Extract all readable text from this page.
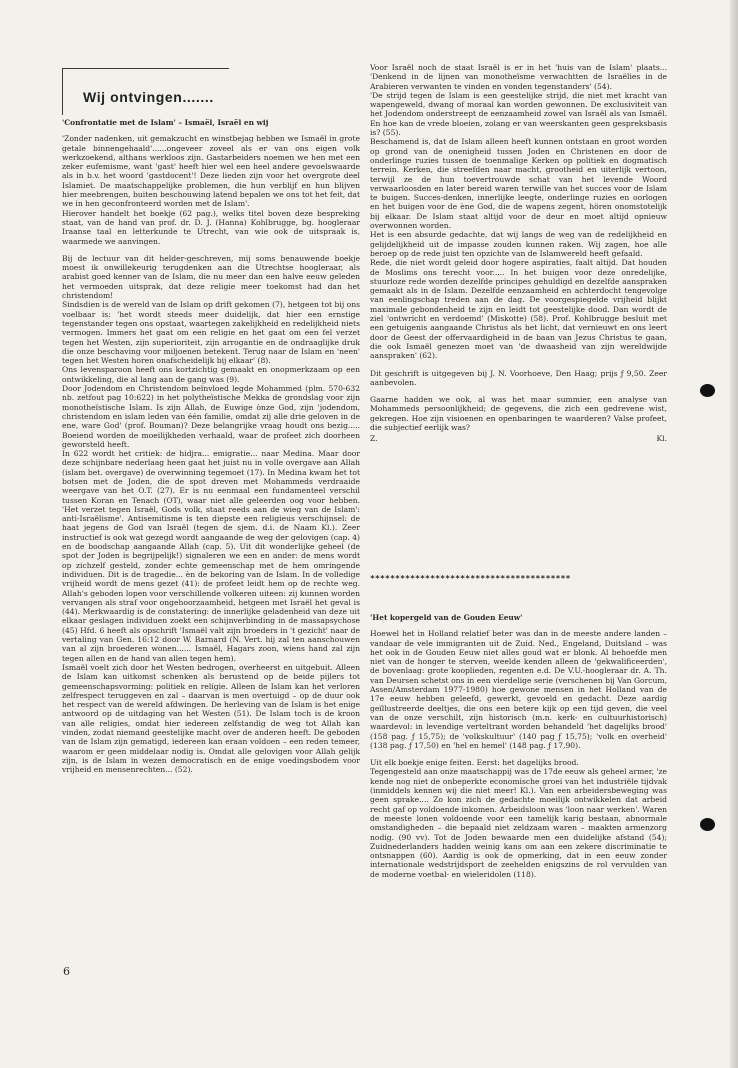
Wij ontvingen.......

'Confrontatie met de Islam' – Ismaël, Israël en wij

'Zonder nadenken, uit gemakzucht en winstbejag hebben we Ismaël in grote getale binnengehaald'......ongeveer zoveel als er van ons eigen volk werkzoekend, althans werkloos zijn. Gastarbeiders noemen we hen met een zeker eufemisme, want 'gast' heeft hier wel een heel andere gevoelswaarde als in b.v. het woord 'gastdocent'! Deze lieden zijn voor het overgrote deel Islamiet. De maatschappelijke problemen, die hun verblijf en hun blijven hier meebrengen, buiten beschouwing latend bepalen we ons tot het feit, dat we in hen geconfronteerd worden met de Islam'.

Hierover handelt het boekje (62 pag.), welks titel boven deze bespreking staat, van de hand van prof. dr. D. J. (Hanna) Kohlbrugge, bg. hoogleraar Iraanse taal en letterkunde te Utrecht, van wie ook de uitspraak is, waarmede we aanvingen.

Bij de lectuur van dit helder-geschreven, mij soms benauwende boekje moest ik onwillekeurig terugdenken aan die Utrechtse hoogleraar, als arabist goed kenner van de Islam, die nu meer dan een halve eeuw geleden het vermoeden uitsprak, dat deze religie meer toekomst had dan het christendom!

Sindsdien is de wereld van de Islam op drift gekomen (7), hetgeen tot bij ons voelbaar is: 'het wordt steeds meer duidelijk, dat hier een ernstige tegenstander tegen ons opstaat, waartegen zakelijkheid en redelijkheid niets vermogen. Immers het gaat om een religie en het gaat om een fel verzet tegen het Westen, zijn superioriteit, zijn arrogantie en de ondraaglijke druk die onze beschaving voor miljoenen betekent. Terug naar de Islam en 'neen' tegen het Westen horen onafscheidelijk bij elkaar' (8).

Ons levensparoon heeft ons kortzichtig gemaakt en onopmerkzaam op een ontwikkeling, die al lang aan de gang was (9).

Door Jodendom en Christendom beïnvloed legde Mohammed (plm. 570-632 nb. zetfout pag 10:622) in het polytheïstische Mekka de grondslag voor zijn monotheïstische Islam. Is zijn Allah, de Euwige ònze God, zijn 'jodendom, christendom en islam leden van één familie, omdat zij alle drie geloven in de ene, ware God' (prof. Bouman)? Deze belangrijke vraag houdt ons bezig..... Boeiend worden de moeilijkheden verhaald, waar de profeet zich doorheen geworsteld heeft.

In 622 wordt het critiek: de hidjra... emigratie... naar Medina. Maar door deze schijnbare nederlaag heen gaat het juist nu in volle overgave aan Allah (islam bet. overgave) de overwinning tegemoet (17). In Medina kwam het tot botsen met de Joden, die de spot dreven met Mohammeds verdraaide weergave van het O.T. (27). Er is nu eenmaal een fundamenteel verschil tussen Koran en Tenach (OT), waar niet alle geleerden oog voor hebben. 'Het verzet tegen Israël, Gods volk, staat reeds aan de wieg van de Islam': anti-Israëlisme'. Antisemitisme is ten diepste een religieus verschijnsel: de haat jegens de God van Israël (tegen de sjem. d.i. de Naam Kl.). Zeer instructief is ook wat gezegd wordt aangaande de weg der gelovigen (cap. 4) en de boodschap aangaande Allah (cap. 5). Uit dit wonderlijke geheel (de spot der Joden is begrijpelijk!) signaleren we een en ander: de mens wordt op zichzelf gesteld, zonder echte gemeenschap met de hem omringende individuen. Dit is de tragedie... èn de bekoring van de Islam. In de volledige vrijheid wordt de mens gezet (41): de profeet leidt hem op de rechte weg. Allah's geboden lopen voor verschillende volkeren uiteen: zij kunnen worden vervangen als straf voor ongehoorzaamheid, hetgeen met Israël het geval is (44). Merkwaardig is de constatering: de innerlijke geladenheid van deze uit elkaar geslagen individuen zoekt een schijnverbinding in de massapsychose (45) Hfd. 6 heeft als opschrift 'Ismaël valt zijn broeders in 't gezicht' naar de vertaling van Gen. 16:12 door W. Barnard (N. Vert. hij zal ten aanschouwen van al zijn broederen wonen...... Ismaël, Hagars zoon, wiens hand zal zijn tegen allen en de hand van allen tegen hem).

Ismaël voelt zich door het Westen bedrogen, overheerst en uitgebuit. Alleen de Islam kan uitkomst schenken als berustend op de beide pijlers tot gemeenschapsvorming: politiek en religie. Alleen de Islam kan het verloren zelfrespect teruggeven en zal – daarvan is men overtuigd – op de duur ook het respect van de wereld afdwingen. De herleving van de Islam is het enige antwoord op de uitdaging van het Westen (51). De Islam toch is de kroon van alle religies, omdat hier iedereen zelfstandig de weg tot Allah kan vinden, zodat niemand geestelijke macht over de anderen heeft. De geboden van de Islam zijn gematigd, iedereen kan eraan voldoen – een reden temeer, waarom er geen middelaar nodig is. Omdat alle gelovigen voor Allah gelijk zijn, is de Islam in wezen democratisch en de enige voedingsbodem voor vrijheid en mensenrechten... (52).

Voor Israël noch de staat Israël is er in het 'huis van de Islam' plaats... 'Denkend in de lijnen van monotheïsme verwachtten de Israëlies in de Arabieren verwanten te vinden en vonden tegenstanders' (54).

'De strijd tegen de Islam is een geestelijke strijd, die niet met kracht van wapengeweld, dwang of moraal kan worden gewonnen. De exclusiviteit van het Jodendom onderstreept de eenzaamheid zowel van Israël als van Ismaël. En hoe kan de vrede bloeien, zolang er van weerskanten geen gespreksbasis is? (55).

Beschamend is, dat de Islam alleen heeft kunnen ontstaan en groot worden op grond van de onenigheid tussen Joden en Christenen en door de onderlinge ruzies tussen de toenmalige Kerken op politiek en dogmatisch terrein. Kerken, die streefden naar macht, grootheid en uiterlijk vertoon, terwijl ze de hun toevertrouwde schat van het levende Woord verwaarloosden en later bereid waren terwille van het succes voor de Islam te buigen. Succes-denken, innerlijke leegte, onderlinge ruzies en oorlogen en het buigen voor de ène God, die de wapens zegent, hören onomstotelijk bij elkaar. De Islam staat altijd voor de deur en moet altijd opnieuw overwonnen worden.

Het is een absurde gedachte, dat wij langs de weg van de redelijkheid en gelijdelijkheid uit de impasse zouden kunnen raken. Wij zagen, hoe alle beroep op de rede juist ten opzichte van de Islamwereld heeft gefaald.

Rede, die niet wordt geleid door hogere aspiraties, faalt altijd. Dat houden de Moslims ons terecht voor..... In het buigen voor deze onredelijke, stuurloze rede worden dezelfde principes gehuldigd en dezelfde aanspraken gemaakt als in de Islam. Dezelfde eenzaamheid en achterdocht tengevolge van eenlingschap treden aan de dag. De voorgespiegelde vrijheid blijkt maximale gebondenheid te zijn en leidt tot geestelijke dood. Dan wordt de ziel 'ontwricht en verdoemd' (Miskotte) (58). Prof. Kohlbrugge besluit met een getuigenis aangaande Christus als het licht, dat vernieuwt en ons leert door de Geest der offervaardigheid in de baan van Jezus Christus te gaan, die ook Ismaël genezen moet van 'de dwaasheid van zijn wereldwijde aanspraken' (62).

Dit geschrift is uitgegeven bij J. N. Voorhoeve, Den Haag; prijs ƒ 9,50. Zeer aanbevolen.

Gaarne hadden we ook, al was het maar summier, een analyse van Mohammeds persoonlijkheid; de gegevens, die zich een gedrevene wist, gekregen. Hoe zijn visioenen en openbaringen te waarderen? Valse profeet, die subjectief eerlijk was?

Z.	Kl.
****************************************

'Het kopergeld van de Gouden Eeuw'

Hoewel het in Holland relatief beter was dan in de meeste andere landen – vandaar de vele immigranten uit de Zuid. Ned., Engeland, Duitsland – was het ook in de Gouden Eeuw niet alles goud wat er blonk. Al behoefde men niet van de honger te sterven, weelde kenden alleen de 'gekwalificeerden', de bovenlaag: grote kooplieden, regenten e.d. De V.U.-hoogleraar dr. A. Th. van Deursen schetst ons in een vierdelige serie (verschenen bij Van Gorcum, Assen/Amsterdam 1977-1980) hoe gewone mensen in het Holland van de 17e eeuw hebben geleefd, gewerkt, gevoeld en gedacht. Deze aardig geïllustreerde deeltjes, die ons een betere kijk op een tijd geven, die veel van de onze verschilt, zijn historisch (m.n. kerk- en cultuurhistorisch) waardevol: in levendige verteltrant worden behandeld 'het dagelijks brood' (158 pag. ƒ 15,75); de 'volkskultuur' (140 pag ƒ 15,75); 'volk en overheid' (138 pag. ƒ 17,50) en 'hel en hemel' (148 pag. ƒ 17,90).

Uit elk boekje enige feiten. Eerst: het dagelijks brood.

Tegengesteld aan onze maatschappij was de 17de eeuw als geheel armer, 'ze kende nog niet de onbeperkte economische groei van het industriële tijdvak (inmiddels kennen wij die niet meer! Kl.). Van een arbeidersbeweging was geen sprake.... Zo kon zich de gedachte moeilijk ontwikkelen dat arbeid recht gaf op voldoende inkomen. Arbeidsloon was 'loon naar werken'. Waren de meeste lonen voldoende voor een tamelijk karig bestaan, abnormale omstandigheden – die bepaald niet zeldzaam waren – maakten armenzorg nodig. (90 vv). Tot de Joden bewaarde men een duidelijke afstand (54); Zuidnederlanders hadden weinig kans om aan een zekere discriminatie te ontsnappen (60). Aardig is ook de opmerking, dat in een eeuw zonder internationale wedstrijdsport de zeehelden enigszins de rol vervulden van de moderne voetbal- en wieleridolen (118).

6
